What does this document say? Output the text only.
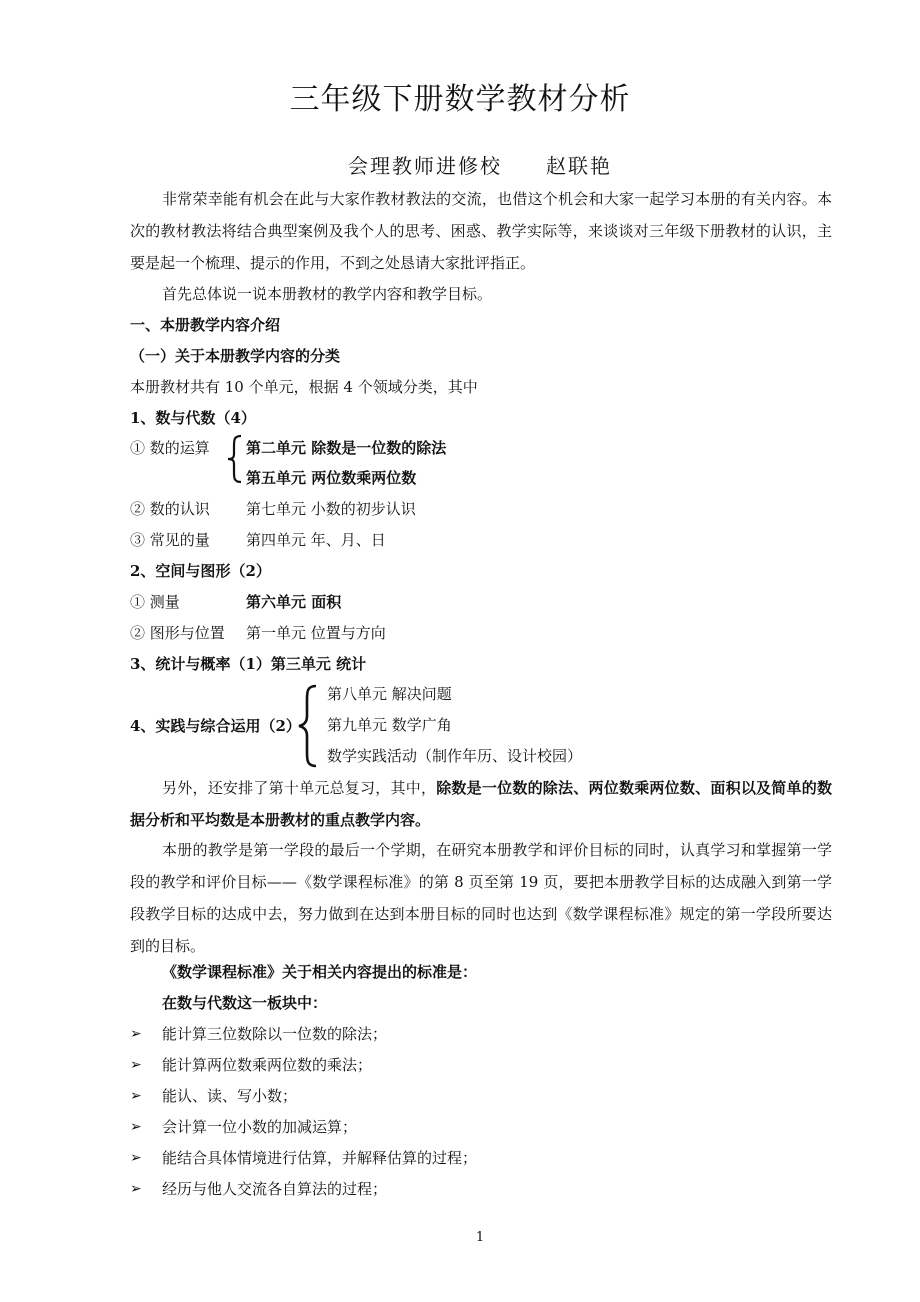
三年级下册数学教材分析
会理教师进修校　　赵联艳
非常荣幸能有机会在此与大家作教材教法的交流，也借这个机会和大家一起学习本册的有关内容。本次的教材教法将结合典型案例及我个人的思考、困惑、教学实际等，来谈谈对三年级下册教材的认识，主要是起一个梳理、提示的作用，不到之处恳请大家批评指正。
首先总体说一说本册教材的教学内容和教学目标。
一、本册教学内容介绍
（一）关于本册教学内容的分类
本册教材共有 10 个单元，根据 4 个领域分类，其中
1、数与代数（4）
① 数的运算 第二单元 除数是一位数的除法
第五单元 两位数乘两位数
② 数的认识 第七单元 小数的初步认识
③ 常见的量 第四单元 年、月、日
2、空间与图形（2）
① 测量	第六单元 面积
② 图形与位置 第一单元 位置与方向
3、统计与概率（1）第三单元 统计
4、实践与综合运用（2）
第八单元 解决问题
第九单元 数学广角
数学实践活动（制作年历、设计校园）
另外，还安排了第十单元总复习，其中，除数是一位数的除法、两位数乘两位数、面积以及简单的数据分析和平均数是本册教材的重点教学内容。
本册的教学是第一学段的最后一个学期，在研究本册教学和评价目标的同时，认真学习和掌握第一学段的教学和评价目标——《数学课程标准》的第 8 页至第 19 页，要把本册教学目标的达成融入到第一学段教学目标的达成中去，努力做到在达到本册目标的同时也达到《数学课程标准》规定的第一学段所要达到的目标。
《数学课程标准》关于相关内容提出的标准是：
在数与代数这一板块中：
➢ 能计算三位数除以一位数的除法；
➢ 能计算两位数乘两位数的乘法；
➢ 能认、读、写小数；
➢ 会计算一位小数的加减运算；
➢ 能结合具体情境进行估算，并解释估算的过程；
➢ 经历与他人交流各自算法的过程；
1
